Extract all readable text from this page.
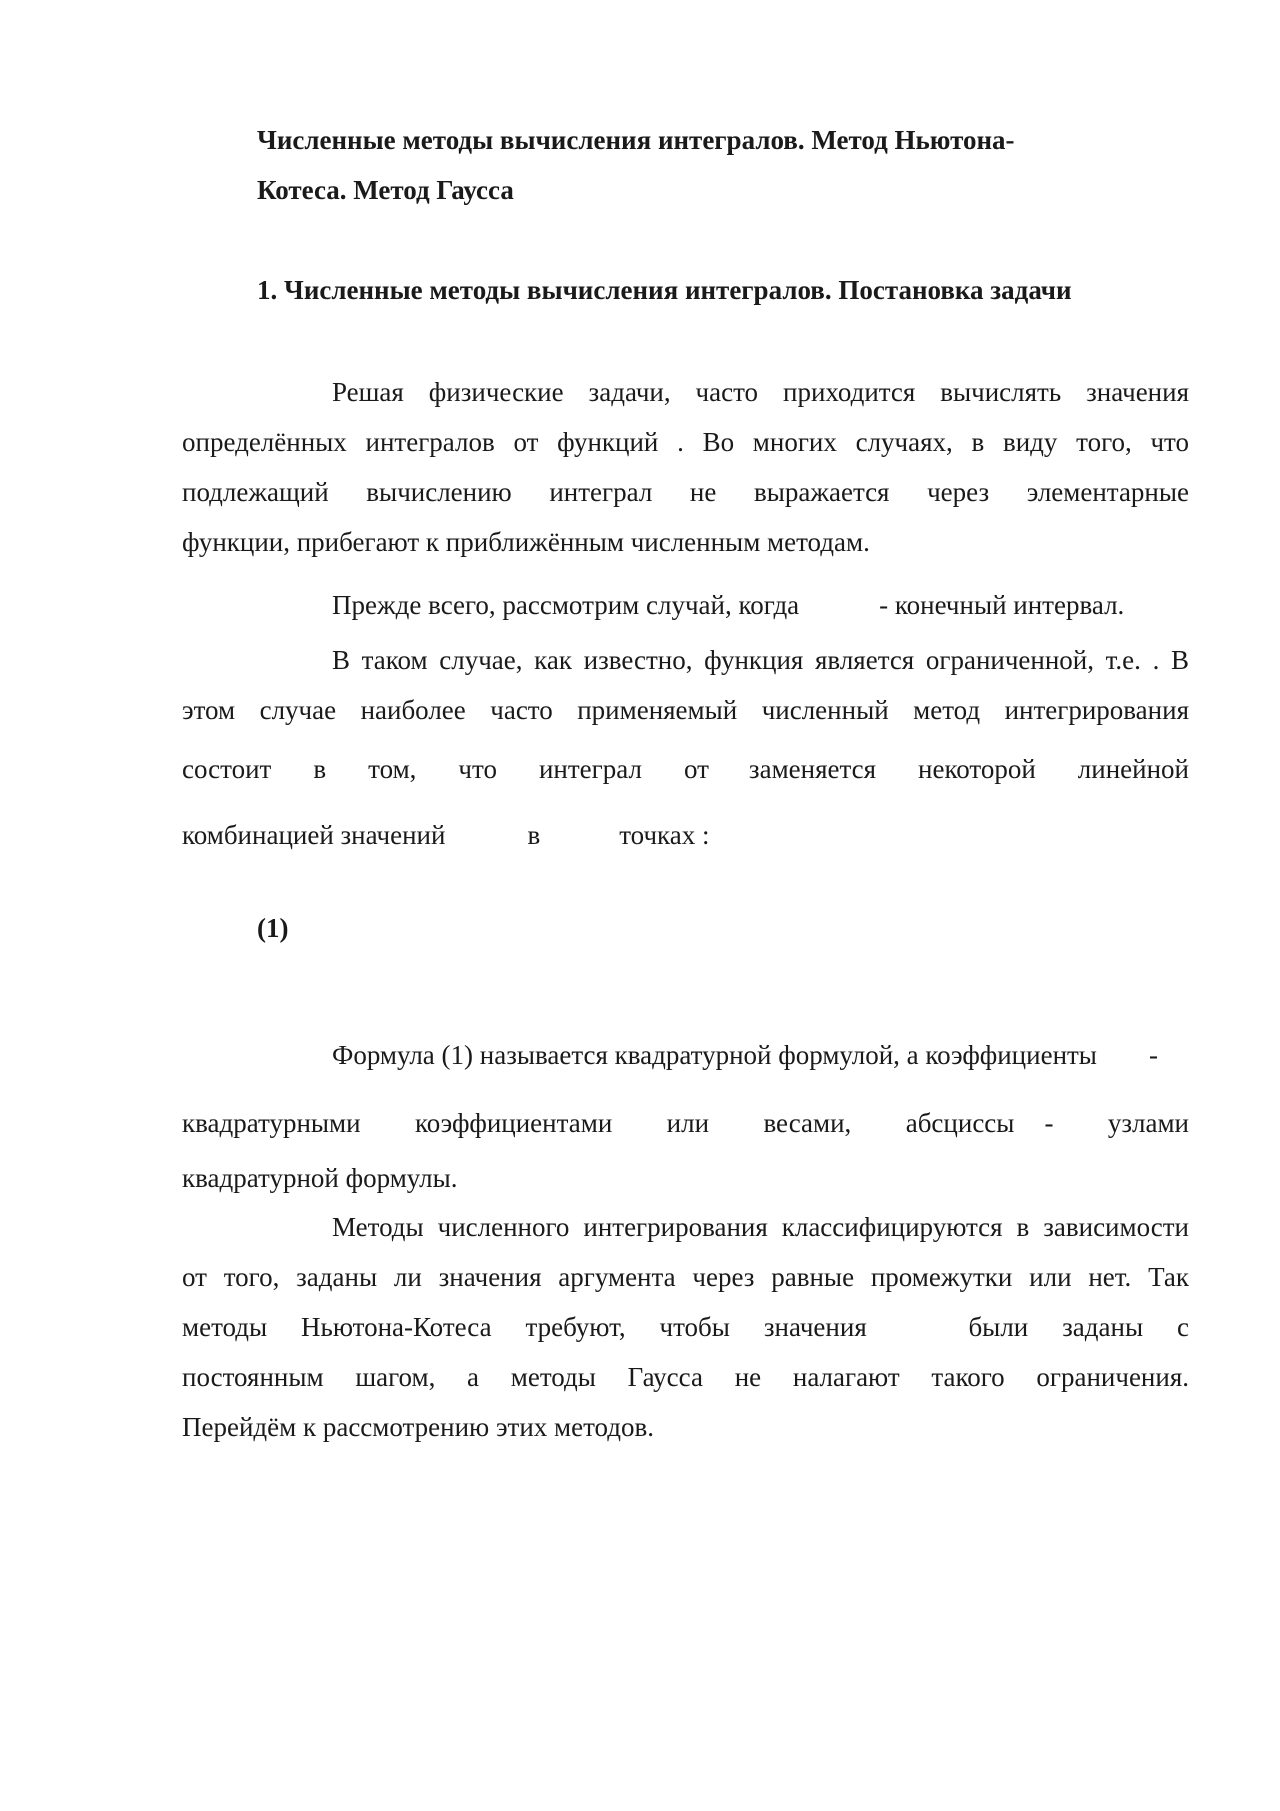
Численные методы вычисления интегралов. Метод Ньютона-
Котеса. Метод Гаусса
1. Численные методы вычисления интегралов. Постановка задачи
Решая физические задачи, часто приходится вычислять значения
определённых интегралов от функций . Во многих случаях, в виду того, что
подлежащий вычислению интеграл не выражается через элементарные
функции, прибегают к приближённым численным методам.
Прежде всего, рассмотрим случай, когда	- конечный интервал.
В таком случае, как известно, функция является ограниченной, т.е. . В
этом случае наиболее часто применяемый численный метод интегрирования
состоит в том, что интеграл от заменяется некоторой линейной
комбинацией значений	в	точках :
(1)
Формула (1) называется квадратурной формулой, а коэффициенты -
квадратурными коэффициентами или весами, абсциссы - узлами
квадратурной формулы.
Методы численного интегрирования классифицируются в зависимости
от того, заданы ли значения аргумента через равные промежутки или нет. Так
методы Ньютона-Котеса требуют, чтобы значения   были заданы с
постоянным шагом, а методы Гаусса не налагают такого ограничения.
Перейдём к рассмотрению этих методов.
